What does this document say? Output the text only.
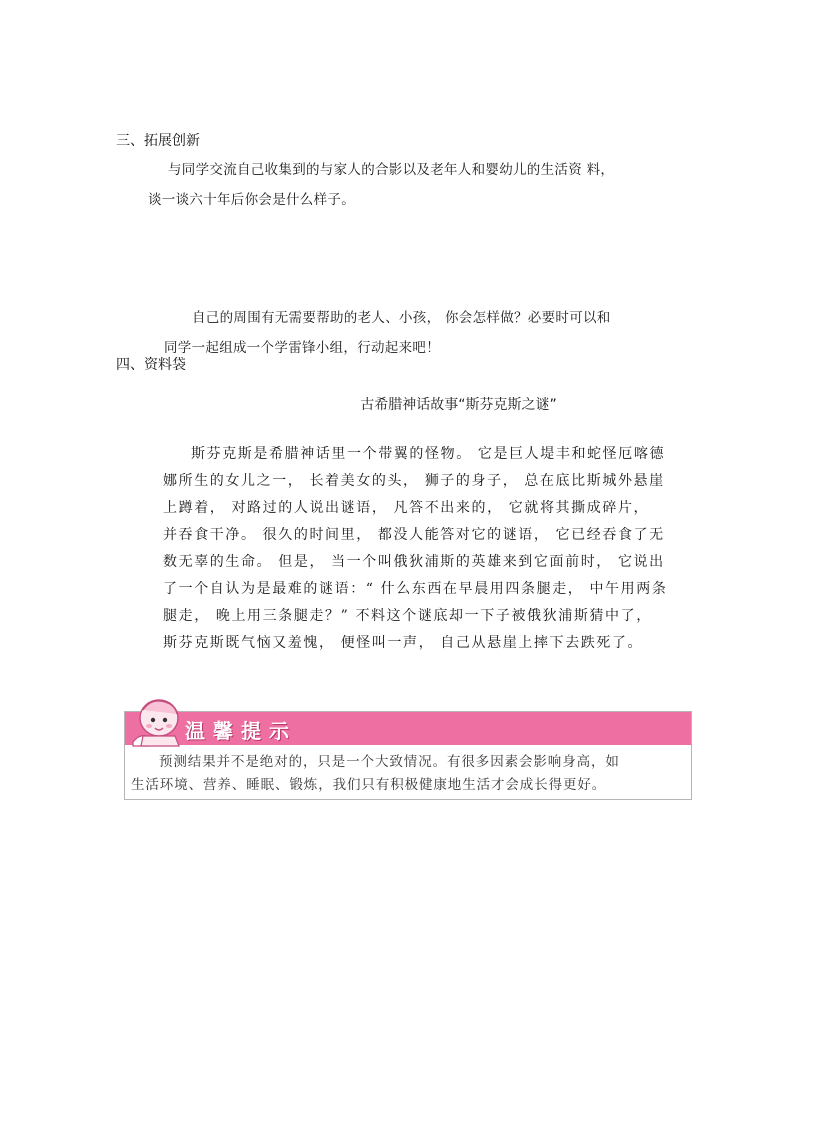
三、拓展创新
与同学交流自己收集到的与家人的合影以及老年人和婴幼儿的生活资 料，
谈一谈六十年后你会是什么样子。
自己的周围有无需要帮助的老人、小孩， 你会怎样做？必要时可以和
同学一起组成一个学雷锋小组，行动起来吧！
四、资料袋
古希腊神话故事“斯芬克斯之谜”

斯芬克斯是希腊神话里一个带翼的怪物。 它是巨人堤丰和蛇怪厄喀德

娜所生的女儿之一， 长着美女的头， 狮子的身子， 总在底比斯城外悬崖

上蹲着， 对路过的人说出谜语， 凡答不出来的， 它就将其撕成碎片，

并吞食干净。 很久的时间里， 都没人能答对它的谜语， 它已经吞食了无

数无辜的生命。 但是， 当一个叫俄狄浦斯的英雄来到它面前时， 它说出

了一个自认为是最难的谜语：“ 什么东西在早晨用四条腿走， 中午用两条

腿走， 晚上用三条腿走？” 不料这个谜底却一下子被俄狄浦斯猜中了，

斯芬克斯既气恼又羞愧， 便怪叫一声， 自己从悬崖上摔下去跌死了。

温馨提示

预测结果并不是绝对的，只是一个大致情况。有很多因素会影响身高，如

生活环境、营养、睡眠、锻炼，我们只有积极健康地生活才会成长得更好。
